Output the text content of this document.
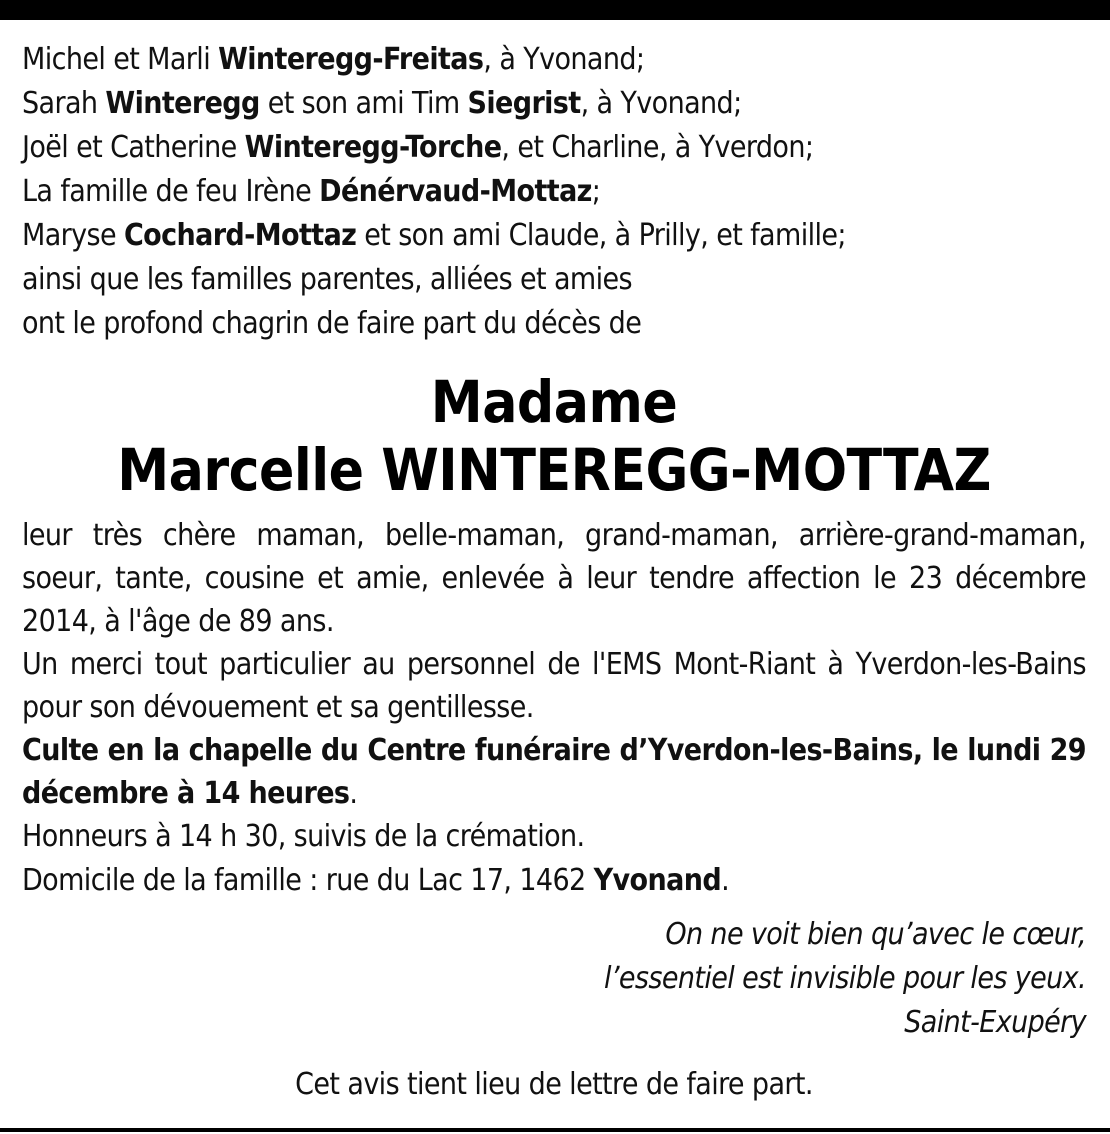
Michel et Marli Winteregg-Freitas, à Yvonand;
Sarah Winteregg et son ami Tim Siegrist, à Yvonand;
Joël et Catherine Winteregg-Torche, et Charline, à Yverdon;
La famille de feu Irène Dénérvaud-Mottaz;
Maryse Cochard-Mottaz et son ami Claude, à Prilly, et famille;
ainsi que les familles parentes, alliées et amies
ont le profond chagrin de faire part du décès de
Madame
Marcelle WINTEREGG-MOTTAZ
leur très chère maman, belle-maman, grand-maman, arrière-grand-maman, soeur, tante, cousine et amie, enlevée à leur tendre affection le 23 décembre 2014, à l'âge de 89 ans.
Un merci tout particulier au personnel de l'EMS Mont-Riant à Yverdon-les-Bains pour son dévouement et sa gentillesse.
Culte en la chapelle du Centre funéraire d’Yverdon-les-Bains, le lundi 29 décembre à 14 heures.
Honneurs à 14 h 30, suivis de la crémation.
Domicile de la famille : rue du Lac 17, 1462 Yvonand.
On ne voit bien qu’avec le cœur,
l’essentiel est invisible pour les yeux.
Saint-Exupéry
Cet avis tient lieu de lettre de faire part.
